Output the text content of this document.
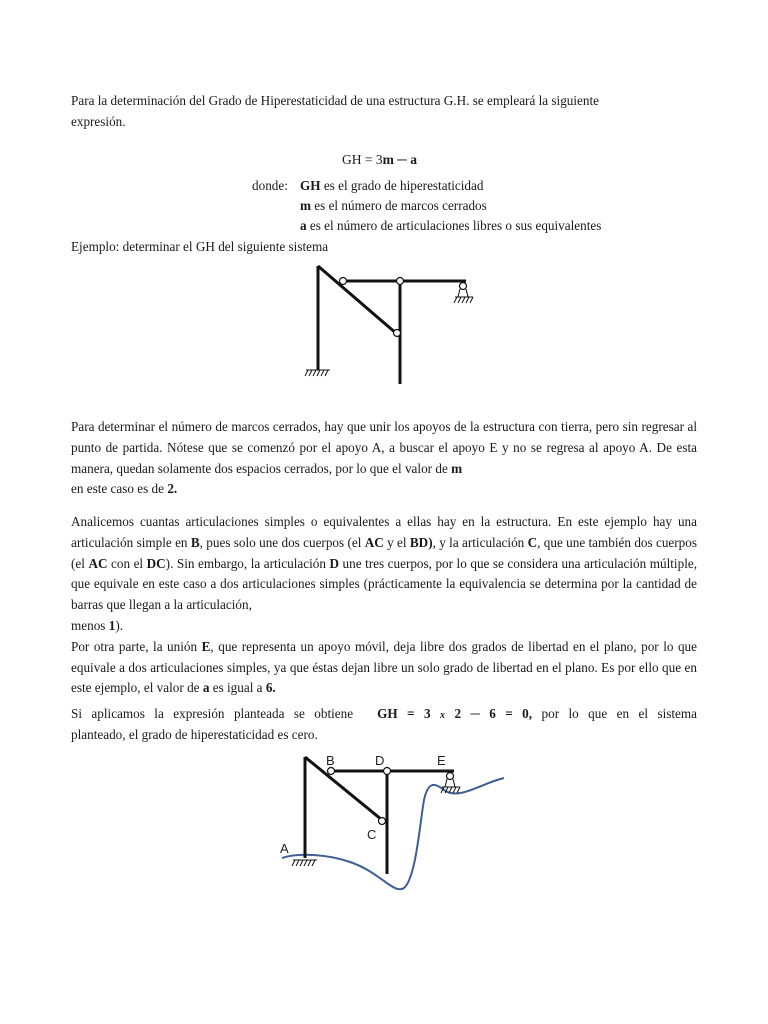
Para la determinación del Grado de Hiperestaticidad de una estructura G.H. se empleará la siguiente
expresión.

GH = 3m ─ a
donde: GH es el grado de hiperestaticidad
m es el número de marcos cerrados
a es el número de articulaciones libres o sus equivalentes
Ejemplo: determinar el GH del siguiente sistema

Para determinar el número de marcos cerrados, hay que unir los apoyos de la estructura con tierra, pero sin regresar al punto de partida. Nótese que se comenzó por el apoyo A, a buscar el apoyo E y no se regresa al apoyo A. De esta manera, quedan solamente dos espacios cerrados, por lo que el valor de m
en este caso es de 2.

Analicemos cuantas articulaciones simples o equivalentes a ellas hay en la estructura. En este ejemplo hay una articulación simple en B, pues solo une dos cuerpos (el AC y el BD), y la articulación C, que une también dos cuerpos (el AC con el DC). Sin embargo, la articulación D une tres cuerpos, por lo que se considera una articulación múltiple, que equivale en este caso a dos articulaciones simples (prácticamente la equivalencia se determina por la cantidad de barras que llegan a la articulación,
menos 1).
Por otra parte, la unión E, que representa un apoyo móvil, deja libre dos grados de libertad en el plano, por lo que equivale a dos articulaciones simples, ya que éstas dejan libre un solo grado de libertad en el plano. Es por ello que en este ejemplo, el valor de a es igual a 6.

Si aplicamos la expresión planteada se obtiene GH = 3 x 2 ─ 6 = 0, por lo que en el sistema

planteado, el grado de hiperestaticidad es cero.

B	D	E
C
A
